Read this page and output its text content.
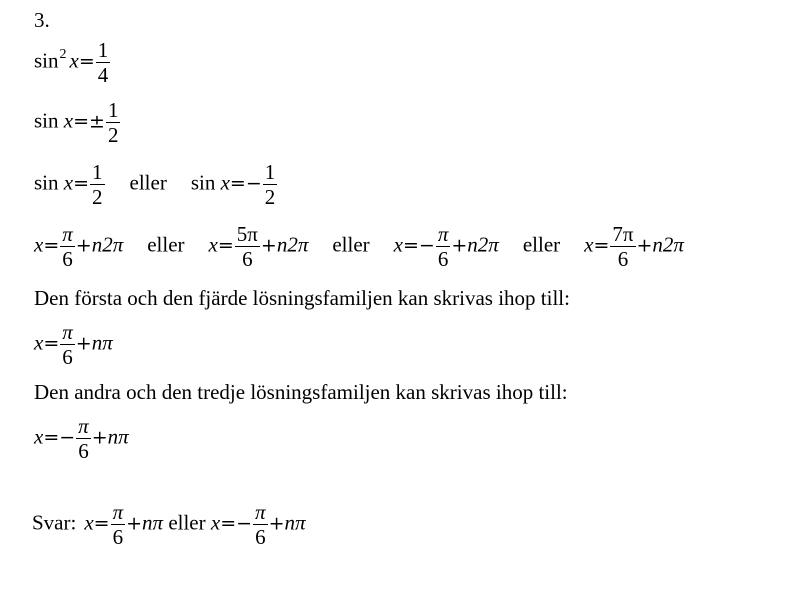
3.
$\sin^2 x= \frac{1}{4}$
$\sin x=\pm \frac{1}{2}$
$\sin x= \frac{1}{2}$ eller $\sin x=- \frac{1}{2}$
$x= \frac{\pi}{6} +n2\pi$ eller $x= \frac{5\pi}{6} +n2\pi$ eller $x=- \frac{\pi}{6} +n2\pi$ eller $x= \frac{7\pi}{6} +n2\pi$
Den första och den fjärde lösningsfamiljen kan skrivas ihop till:
$x= \frac{\pi}{6} +n\pi$
Den andra och den tredje lösningsfamiljen kan skrivas ihop till:
$x=- \frac{\pi}{6} +n\pi$
Svar: $x= \frac{\pi}{6} +n\pi$ eller $x=- \frac{\pi}{6} +n\pi$
